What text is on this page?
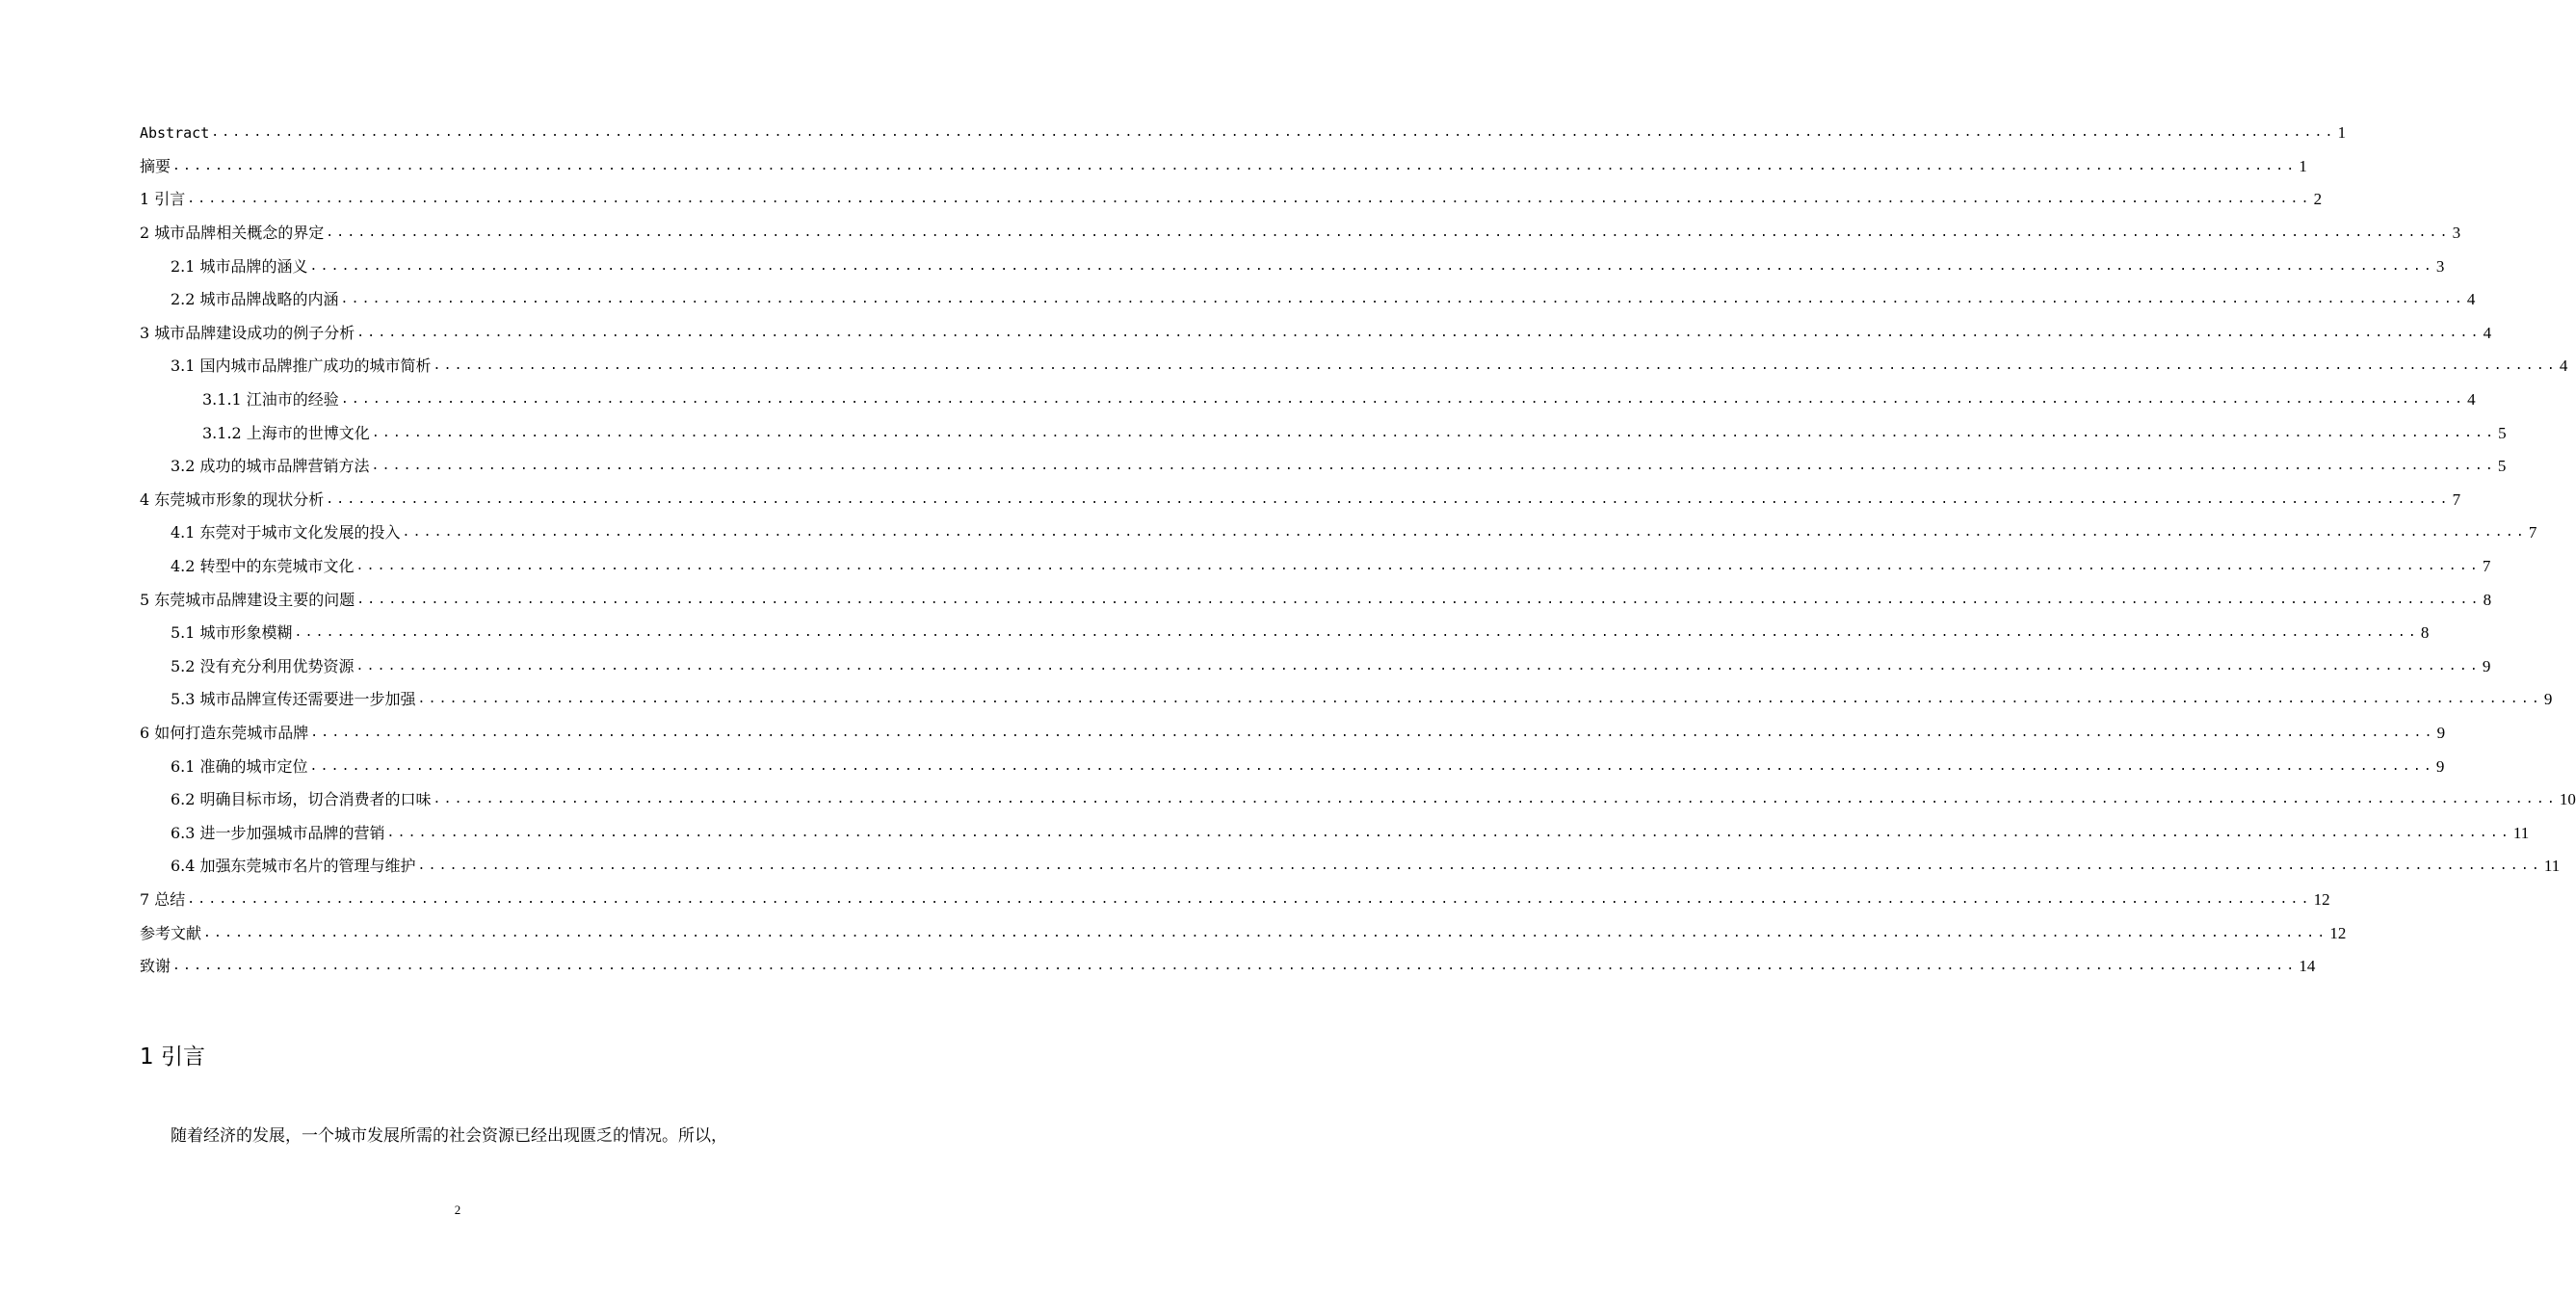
Abstract ........................................................................................................................................................................................................ 1
摘要 ........................................................................................................................................................................................................ 1
1 引言 ........................................................................................................................................................................................................ 2
2 城市品牌相关概念的界定 ........................................................................................................................................................................................................ 3
2.1 城市品牌的涵义 ........................................................................................................................................................................................................ 3
2.2 城市品牌战略的内涵 ........................................................................................................................................................................................................ 4
3 城市品牌建设成功的例子分析 ........................................................................................................................................................................................................ 4
3.1 国内城市品牌推广成功的城市简析 ........................................................................................................................................................................................................ 4
3.1.1 江油市的经验 ........................................................................................................................................................................................................ 4
3.1.2 上海市的世博文化 ........................................................................................................................................................................................................ 5
3.2 成功的城市品牌营销方法 ........................................................................................................................................................................................................ 5
4 东莞城市形象的现状分析 ........................................................................................................................................................................................................ 7
4.1 东莞对于城市文化发展的投入 ........................................................................................................................................................................................................ 7
4.2 转型中的东莞城市文化 ........................................................................................................................................................................................................ 7
5 东莞城市品牌建设主要的问题 ........................................................................................................................................................................................................ 8
5.1 城市形象模糊 ........................................................................................................................................................................................................ 8
5.2 没有充分利用优势资源 ........................................................................................................................................................................................................ 9
5.3 城市品牌宣传还需要进一步加强 ........................................................................................................................................................................................................ 9
6 如何打造东莞城市品牌 ........................................................................................................................................................................................................ 9
6.1 准确的城市定位 ........................................................................................................................................................................................................ 9
6.2 明确目标市场，切合消费者的口味 ........................................................................................................................................................................................................ 10
6.3 进一步加强城市品牌的营销 ........................................................................................................................................................................................................ 11
6.4 加强东莞城市名片的管理与维护 ........................................................................................................................................................................................................ 11
7 总结 ........................................................................................................................................................................................................ 12
参考文献 ........................................................................................................................................................................................................ 12
致谢 ........................................................................................................................................................................................................ 14
1 引言
随着经济的发展，一个城市发展所需的社会资源已经出现匮乏的情况。所以，
2
